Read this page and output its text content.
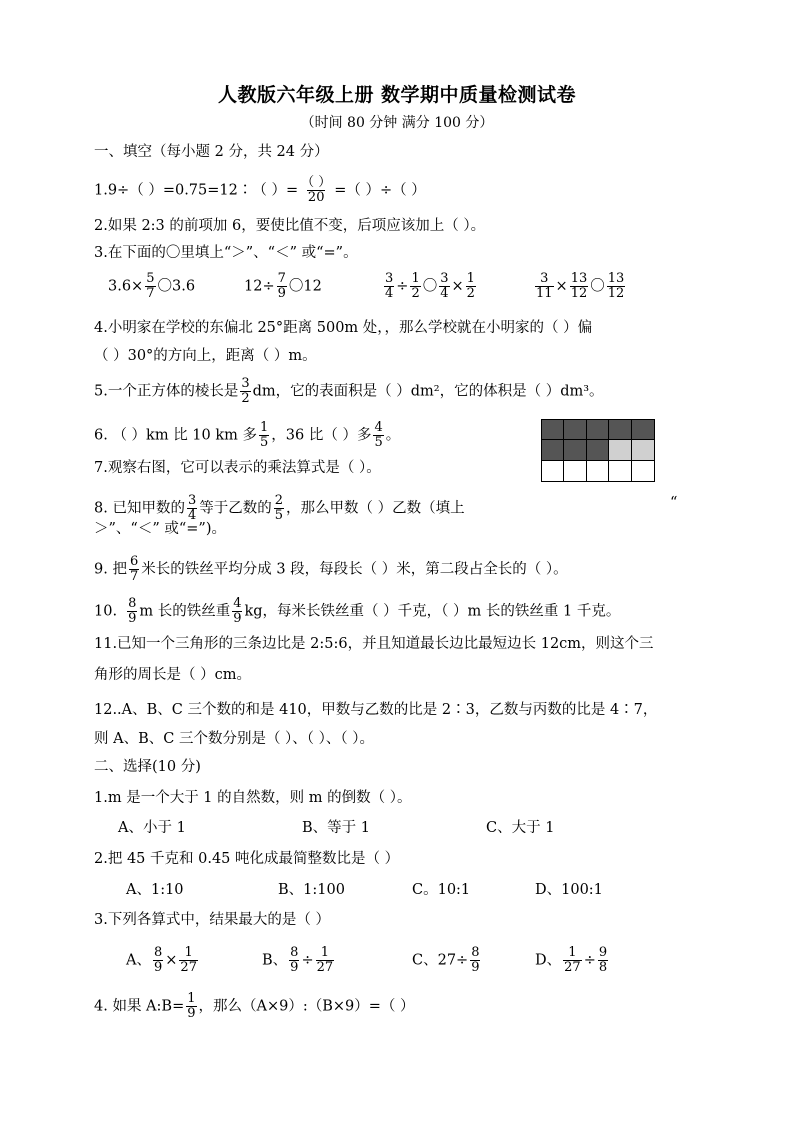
人教版六年级上册 数学期中质量检测试卷
（时间 80 分钟 满分 100 分）
一、填空（每小题 2 分，共 24 分）
1.9÷（ ）=0.75=12∶（ ）= $\frac{( )}{20}$ =（ ）÷（ ）
2.如果 2:3 的前项加 6，要使比值不变，后项应该加上（ ）。
3.在下面的〇里填上“＞”、“＜” 或“=”。
$3.6\times \frac{5}{7}$ 〇3.6	$12\div \frac{7}{9}$ 〇12	$\frac{3}{4} \div \frac{1}{2}$ 〇 $\frac{3}{4} \times \frac{1}{2}$	$\frac{3}{11} \times \frac{13}{12}$ 〇 $\frac{13}{12}$
4.小明家在学校的东偏北 25°距离 500m 处，，那么学校就在小明家的（ ）偏
（ ）30°的方向上，距离（ ）m。
5.一个正方体的棱长是 $\frac{3}{2}$ dm，它的表面积是（ ）dm²，它的体积是（ ）dm³。
6. （ ）km 比 10 km 多 $\frac{1}{5}$ ，36 比（ ）多 $\frac{4}{5}$ 。
7.观察右图，它可以表示的乘法算式是（ ）。
8. 已知甲数的 $\frac{3}{4}$ 等于乙数的 $\frac{2}{5}$ ，那么甲数（ ）乙数（填上	“
＞”、“＜” 或“=”)。
9. 把 $\frac{6}{7}$ 米长的铁丝平均分成 3 段，每段长（ ）米，第二段占全长的（ ）。
10. $\frac{8}{9}$ m 长的铁丝重 $\frac{4}{9}$ kg，每米长铁丝重（ ）千克，（ ）m 长的铁丝重 1 千克。
11.已知一个三角形的三条边比是 2:5:6，并且知道最长边比最短边长 12cm，则这个三
角形的周长是（ ）cm。
12..A、B、C 三个数的和是 410，甲数与乙数的比是 2∶3，乙数与丙数的比是 4∶7，
则 A、B、C 三个数分别是（ ）、（ ）、（ ）。
二、选择(10 分)
1.m 是一个大于 1 的自然数，则 m 的倒数（ ）。
A、小于 1	B、等于 1	C、大于 1
2.把 45 千克和 0.45 吨化成最简整数比是（ ）
A、1:10	B、1:100	C。10:1	D、100:1
3.下列各算式中，结果最大的是（ ）
A、 $\frac{8}{9} \times \frac{1}{27}$	B、 $\frac{8}{9} \div \frac{1}{27}$	C、$27\div \frac{8}{9}$	D、 $\frac{1}{27} \div \frac{9}{8}$
4. 如果 A:B= $\frac{1}{9}$ ，那么（A×9）:（B×9）=（ ）
